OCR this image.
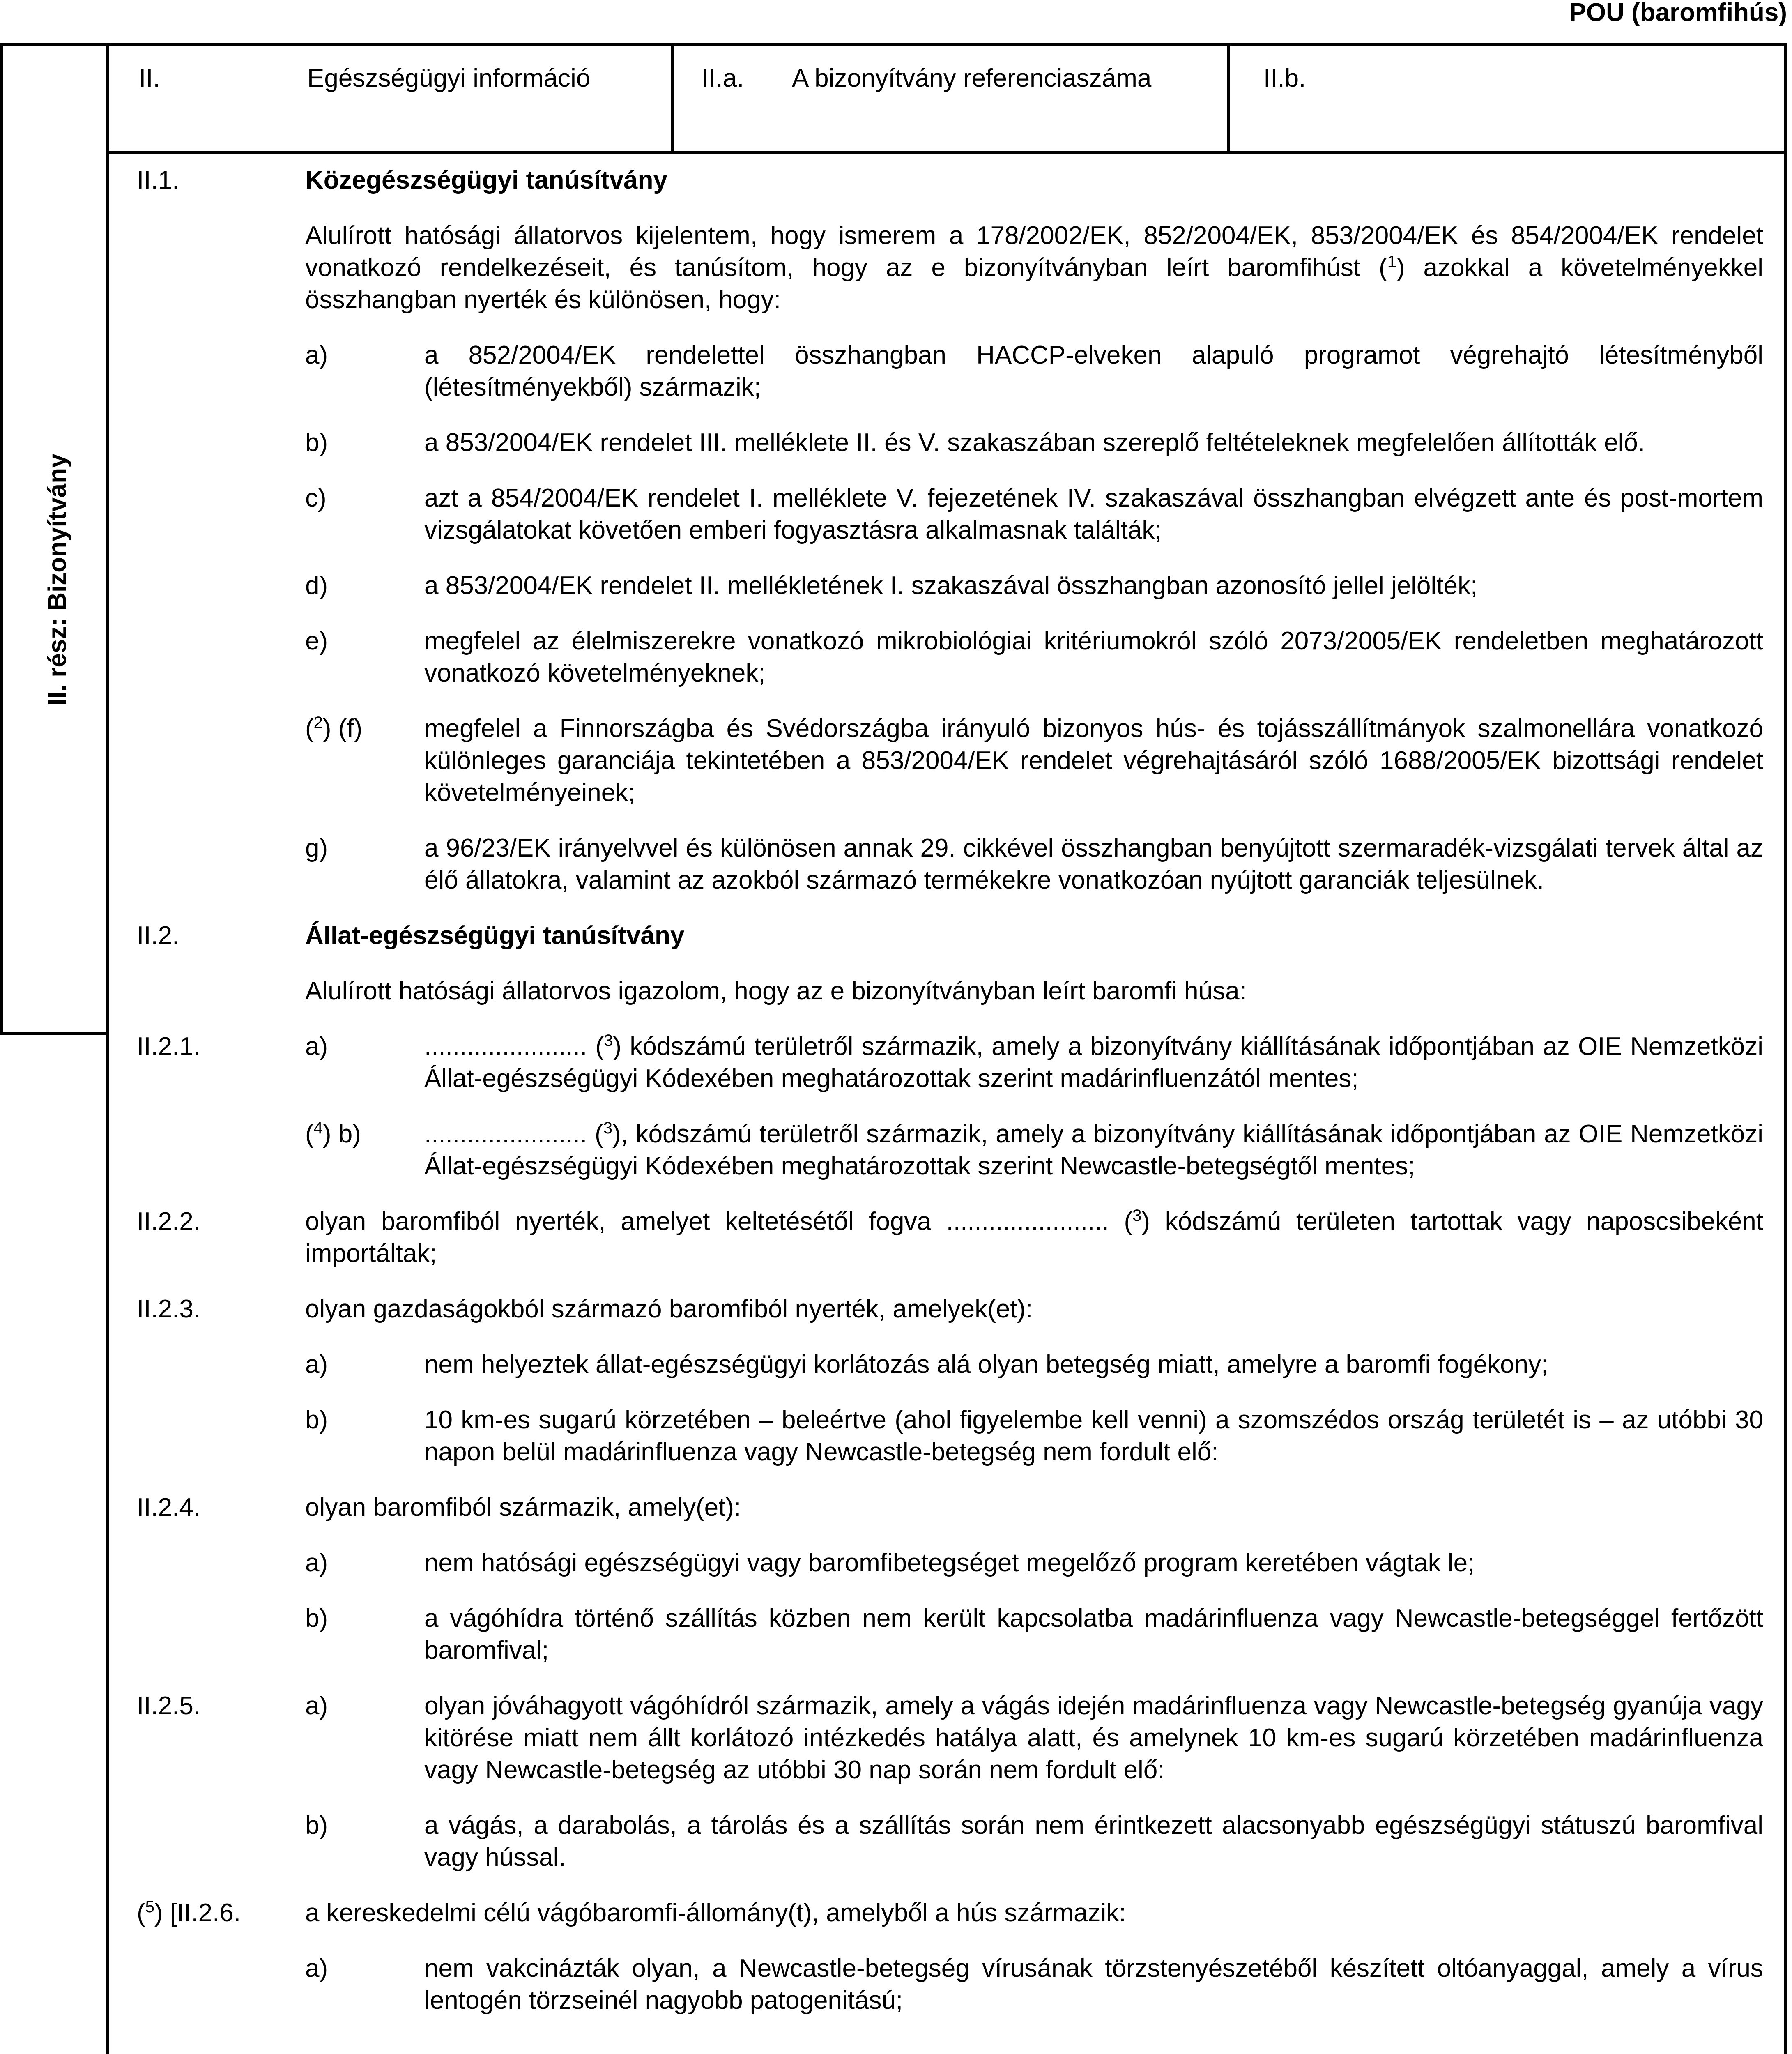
POU (baromfihús)
II. rész: Bizonyítvány
II.	Egészségügyi információ	II.a. A bizonyítvány referenciaszáma	II.b.
II.1.	Közegészségügyi tanúsítvány
Alulírott hatósági állatorvos kijelentem, hogy ismerem a 178/2002/EK, 852/2004/EK, 853/2004/EK és 854/2004/EK rendelet vonatkozó rendelkezéseit, és tanúsítom, hogy az e bizonyítványban leírt baromfihúst ($^1$) azokkal a követelményekkel összhangban nyerték és különösen, hogy:
a)	a 852/2004/EK rendelettel összhangban HACCP-elveken alapuló programot végrehajtó létesítményből (létesítményekből) származik;
b)	a 853/2004/EK rendelet III. melléklete II. és V. szakaszában szereplő feltételeknek megfelelően állították elő.
c)	azt a 854/2004/EK rendelet I. melléklete V. fejezetének IV. szakaszával összhangban elvégzett ante és post-mortem vizsgálatokat követően emberi fogyasztásra alkalmasnak találták;
d)	a 853/2004/EK rendelet II. mellékletének I. szakaszával összhangban azonosító jellel jelölték;
e)	megfelel az élelmiszerekre vonatkozó mikrobiológiai kritériumokról szóló 2073/2005/EK rendeletben meghatározott vonatkozó követelményeknek;
($^2$) (f)	megfelel a Finnországba és Svédországba irányuló bizonyos hús- és tojásszállítmányok szalmonellára vonatkozó különleges garanciája tekintetében a 853/2004/EK rendelet végrehajtásáról szóló 1688/2005/EK bizottsági rendelet követelményeinek;
g)	a 96/23/EK irányelvvel és különösen annak 29. cikkével összhangban benyújtott szermaradék-vizsgálati tervek által az élő állatokra, valamint az azokból származó termékekre vonatkozóan nyújtott garanciák teljesülnek.
II.2.	Állat-egészségügyi tanúsítvány
Alulírott hatósági állatorvos igazolom, hogy az e bizonyítványban leírt baromfi húsa:
II.2.1.	a)	....................... ($^3$) kódszámú területről származik, amely a bizonyítvány kiállításának időpontjában az OIE Nemzetközi Állat-egészségügyi Kódexében meghatározottak szerint madárinfluenzától mentes;
($^4$) b)	....................... ($^3$), kódszámú területről származik, amely a bizonyítvány kiállításának időpontjában az OIE Nemzetközi Állat-egészségügyi Kódexében meghatározottak szerint Newcastle-betegségtől mentes;
II.2.2.	olyan baromfiból nyerték, amelyet keltetésétől fogva ....................... ($^3$) kódszámú területen tartottak vagy naposcsibeként importáltak;
II.2.3.	olyan gazdaságokból származó baromfiból nyerték, amelyek(et):
a)	nem helyeztek állat-egészségügyi korlátozás alá olyan betegség miatt, amelyre a baromfi fogékony;
b)	10 km-es sugarú körzetében – beleértve (ahol figyelembe kell venni) a szomszédos ország területét is – az utóbbi 30 napon belül madárinfluenza vagy Newcastle-betegség nem fordult elő:
II.2.4.	olyan baromfiból származik, amely(et):
a)	nem hatósági egészségügyi vagy baromfibetegséget megelőző program keretében vágtak le;
b)	a vágóhídra történő szállítás közben nem került kapcsolatba madárinfluenza vagy Newcastle-betegséggel fertőzött baromfival;
II.2.5.	a)	olyan jóváhagyott vágóhídról származik, amely a vágás idején madárinfluenza vagy Newcastle-betegség gyanúja vagy kitörése miatt nem állt korlátozó intézkedés hatálya alatt, és amelynek 10 km-es sugarú körzetében madárinfluenza vagy Newcastle-betegség az utóbbi 30 nap során nem fordult elő:
b)	a vágás, a darabolás, a tárolás és a szállítás során nem érintkezett alacsonyabb egészségügyi státuszú baromfival vagy hússal.
($^5$) [II.2.6.	a kereskedelmi célú vágóbaromfi-állomány(t), amelyből a hús származik:
a)	nem vakcinázták olyan, a Newcastle-betegség vírusának törzstenyészetéből készített oltóanyaggal, amely a vírus lentogén törzseinél nagyobb patogenitású;
